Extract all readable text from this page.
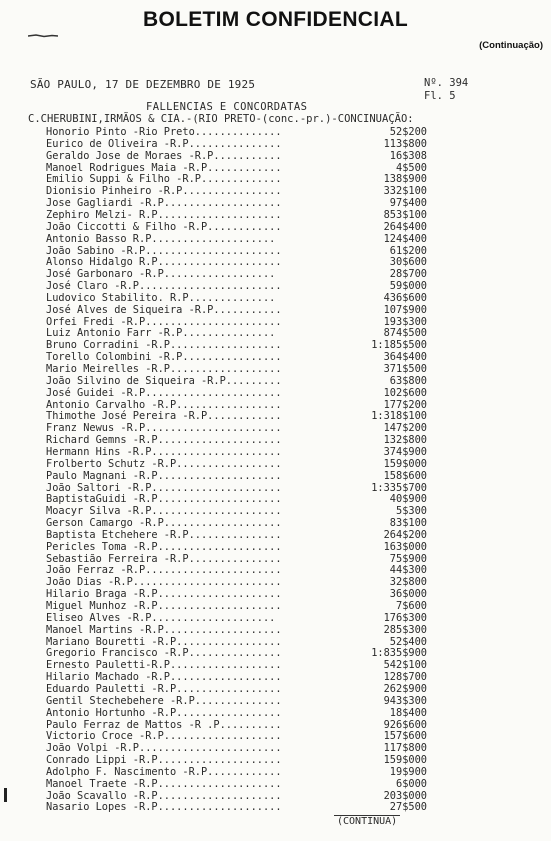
BOLETIM CONFIDENCIAL
(Continuação)
SÃO PAULO, 17 DE DEZEMBRO DE 1925	Nº. 394
Fl. 5
FALLENCIAS E CONCORDATAS
C.CHERUBINI,IRMÃOS & CIA.-(RIO PRETO-(conc.-pr.)-CONCINUAÇÃO:
Honorio Pinto -Rio Preto..............	52$200
Eurico de Oliveira -R.P...............	113$800
Geraldo Jose de Moraes -R.P...........	16$308
Manoel Rodrigues Maia -R.P............	4$500
Emilio Suppi & Filho -R.P.............	138$900
Dionisio Pinheiro -R.P................	332$100
Jose Gagliardi -R.P...................	97$400
Zephiro Melzi- R.P....................	853$100
João Ciccotti & Filho -R.P............	264$400
Antonio Basso R.P....................	124$400
João Sabino -R.P......................	61$200
Alonso Hidalgo R.P....................	30$600
José Garbonaro -R.P..................	28$700
José Claro -R.P.......................	59$000
Ludovico Stabilito. R.P..............	436$600
José Alves de Siqueira -R.P...........	107$900
Orfei Fredi -R.P......................	193$300
Luiz Antonio Farr -R.P...............	874$500
Bruno Corradini -R.P..................	1:185$500
Torello Colombini -R.P................	364$400
Mario Meirelles -R.P..................	371$500
João Silvino de Siqueira -R.P.........	63$800
José Guidei -R.P......................	102$600
Antonio Carvalho -R.P.................	177$200
Thimothe José Pereira -R.P............	1:318$100
Franz Newus -R.P......................	147$200
Richard Gemns -R.P....................	132$800
Hermann Hins -R.P.....................	374$900
Frolberto Schutz -R.P.................	159$000
Paulo Magnani -R.P....................	158$600
João Saltori -R.P.....................	1:335$700
BaptistaGuidi -R.P....................	40$900
Moacyr Silva -R.P.....................	5$300
Gerson Camargo -R.P...................	83$100
Baptista Etchehere -R.P...............	264$200
Pericles Toma -R.P....................	163$000
Sebastião Ferreira -R.P...............	75$900
João Ferraz -R.P......................	44$300
João Dias -R.P........................	32$800
Hilario Braga -R.P....................	36$000
Miguel Munhoz -R.P....................	7$600
Eliseo Alves -R.P....................	176$300
Manoel Martins -R.P...................	285$300
Mariano Bouretti -R.P.................	52$400
Gregorio Francisco -R.P...............	1:835$900
Ernesto Pauletti-R.P..................	542$100
Hilario Machado -R.P..................	128$700
Eduardo Pauletti -R.P.................	262$900
Gentil Stechebehere -R.P..............	943$300
Antonio Hortunho -R.P.................	18$400
Paulo Ferraz de Mattos -R .P..........	926$600
Victorio Croce -R.P...................	157$600
João Volpi -R.P.......................	117$800
Conrado Lippi -R.P....................	159$000
Adolpho F. Nascimento -R.P............	19$900
Manoel Traete -R.P....................	6$000
João Scavallo -R.P....................	203$000
Nasario Lopes -R.P....................	27$500
(CONTINUA)
